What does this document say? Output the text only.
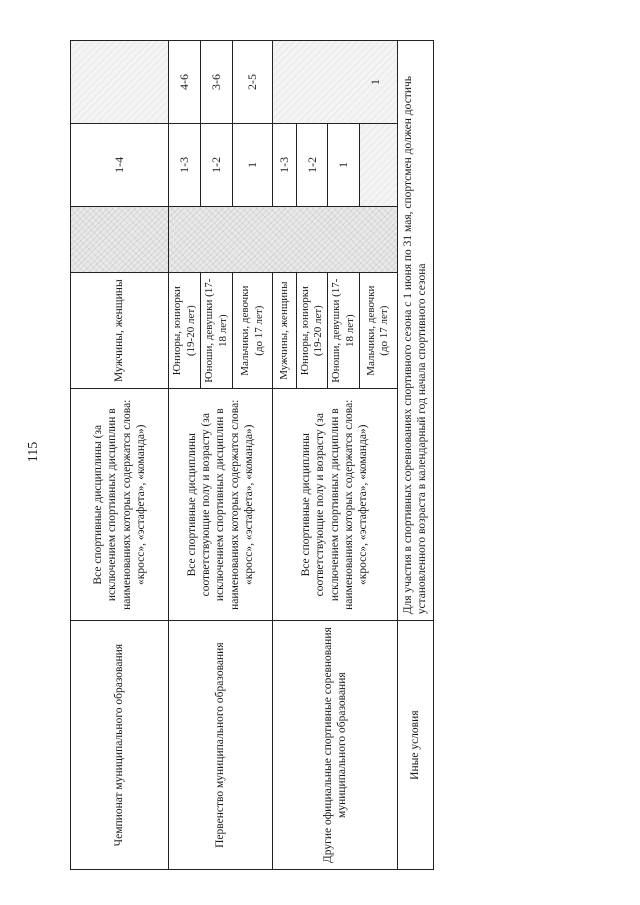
115
Чемпионат муниципального образования	Все спортивные дисциплины (за исключением спортивных дисциплин в наименованиях которых содержатся слова: «кросс», «эстафета», «команда»)	Мужчины, женщины		1-4	
Первенство муниципального образования	Все спортивные дисциплины соответствующие полу и возрасту (за исключением спортивных дисциплин в наименованиях которых содержатся слова: «кросс», «эстафета», «команда»)	Юниоры, юниорки (19-20 лет)		1-3	4-6
		Юноши, девушки (17-18 лет)		1-2	3-6
		Мальчики, девочки (до 17 лет)		1	2-5
Другие официальные спортивные соревнования муниципального образования	Все спортивные дисциплины соответствующие полу и возрасту (за исключением спортивных дисциплин в наименованиях которых содержатся слова: «кросс», «эстафета», «команда»)	Мужчины, женщины		1-3	1
		Юниоры, юниорки (19-20 лет)		1-2	
		Юноши, девушки (17-18 лет)		1	
		Мальчики, девочки (до 17 лет)			
Иные условия	Для участия в спортивных соревнованиях спортивного сезона с 1 июня по 31 мая, спортсмен должен достичь установленного возраста в календарный год начала спортивного сезона				
